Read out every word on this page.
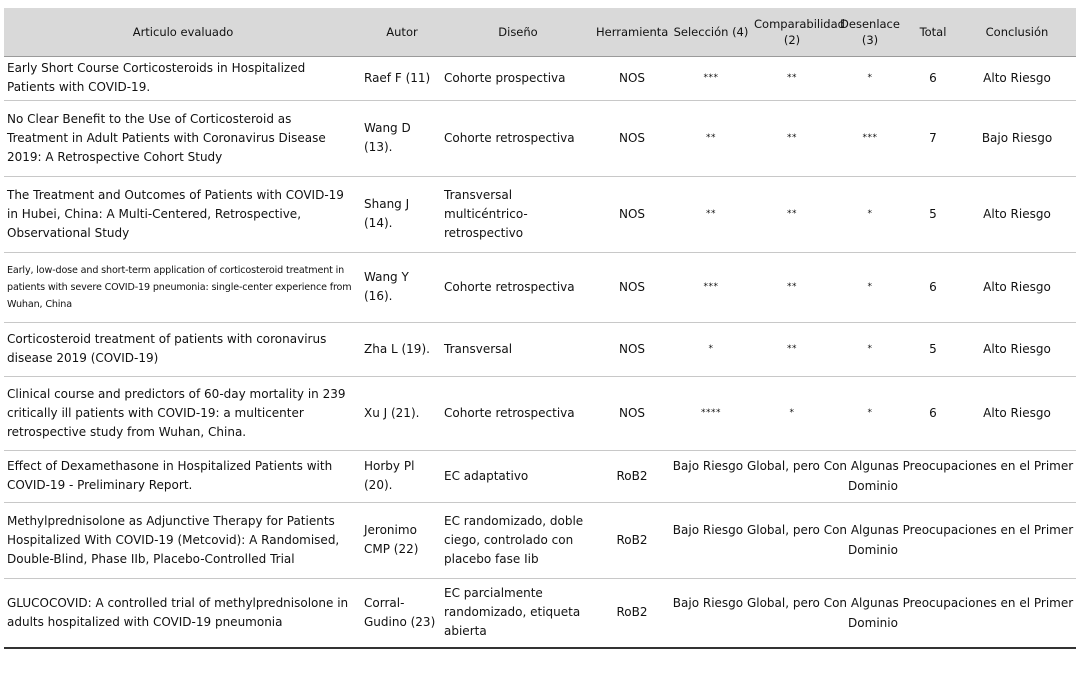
Articulo evaluado	Autor	Diseño	Herramienta	Selección (4)	Comparabilidad (2)	Desenlace (3)	Total	Conclusión
Early Short Course Corticosteroids in Hospitalized Patients with COVID-19.	Raef F (11)	Cohorte prospectiva	NOS	***	**	*	6	Alto Riesgo
No Clear Benefit to the Use of Corticosteroid as Treatment in Adult Patients with Coronavirus Disease 2019: A Retrospective Cohort Study	Wang D (13).	Cohorte retrospectiva	NOS	**	**	***	7	Bajo Riesgo
The Treatment and Outcomes of Patients with COVID-19 in Hubei, China: A Multi-Centered, Retrospective, Observational Study	Shang J (14).	Transversal multicéntrico-retrospectivo	NOS	**	**	*	5	Alto Riesgo
Early, low-dose and short-term application of corticosteroid treatment in patients with severe COVID-19 pneumonia: single-center experience from Wuhan, China	Wang Y (16).	Cohorte retrospectiva	NOS	***	**	*	6	Alto Riesgo
Corticosteroid treatment of patients with coronavirus disease 2019 (COVID-19)	Zha L (19).	Transversal	NOS	*	**	*	5	Alto Riesgo
Clinical course and predictors of 60-day mortality in 239 critically ill patients with COVID-19: a multicenter retrospective study from Wuhan, China.	Xu J (21).	Cohorte retrospectiva	NOS	****	*	*	6	Alto Riesgo
Effect of Dexamethasone in Hospitalized Patients with COVID-19 - Preliminary Report.	Horby Pl (20).	EC adaptativo	RoB2	Bajo Riesgo Global, pero Con Algunas Preocupaciones en el Primer Dominio				
Methylprednisolone as Adjunctive Therapy for Patients Hospitalized With COVID-19 (Metcovid): A Randomised, Double-Blind, Phase IIb, Placebo-Controlled Trial	Jeronimo CMP (22)	EC randomizado, doble ciego, controlado con placebo fase Iib	RoB2	Bajo Riesgo Global, pero Con Algunas Preocupaciones en el Primer Dominio				
GLUCOCOVID: A controlled trial of methylprednisolone in adults hospitalized with COVID-19 pneumonia	Corral-Gudino (23)	EC parcialmente randomizado, etiqueta abierta	RoB2	Bajo Riesgo Global, pero Con Algunas Preocupaciones en el Primer Dominio				
